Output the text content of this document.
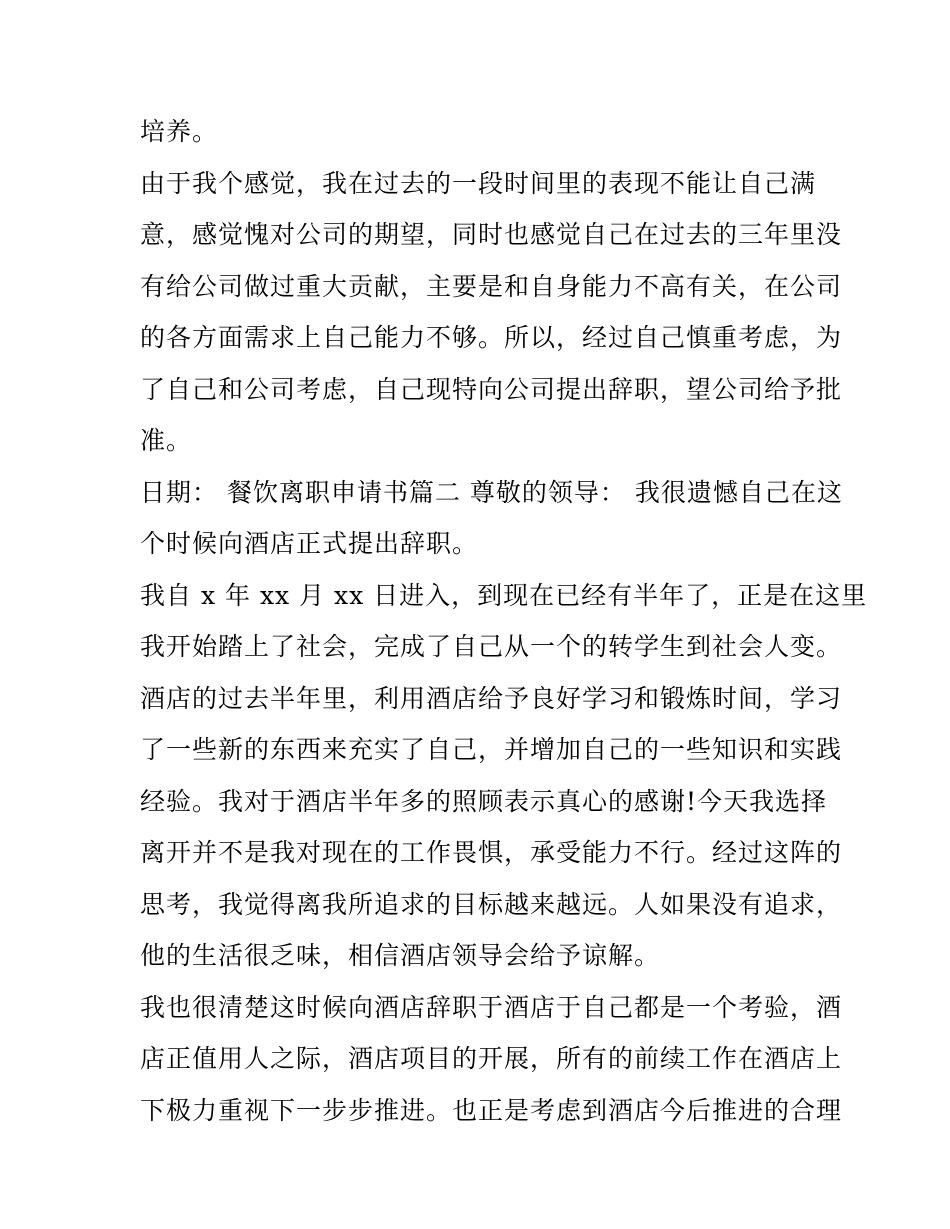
培养。
由于我个感觉，我在过去的一段时间里的表现不能让自己满
意，感觉愧对公司的期望，同时也感觉自己在过去的三年里没
有给公司做过重大贡献，主要是和自身能力不高有关，在公司
的各方面需求上自己能力不够。所以，经过自己慎重考虑，为
了自己和公司考虑，自己现特向公司提出辞职，望公司给予批
准。
日期： 餐饮离职申请书篇二 尊敬的领导： 我很遗憾自己在这
个时候向酒店正式提出辞职。
我自 x 年 xx 月 xx 日进入，到现在已经有半年了，正是在这里
我开始踏上了社会，完成了自己从一个的转学生到社会人变。
酒店的过去半年里，利用酒店给予良好学习和锻炼时间，学习
了一些新的东西来充实了自己，并增加自己的一些知识和实践
经验。我对于酒店半年多的照顾表示真心的感谢!今天我选择
离开并不是我对现在的工作畏惧，承受能力不行。经过这阵的
思考，我觉得离我所追求的目标越来越远。人如果没有追求，
他的生活很乏味，相信酒店领导会给予谅解。
我也很清楚这时候向酒店辞职于酒店于自己都是一个考验，酒
店正值用人之际，酒店项目的开展，所有的前续工作在酒店上
下极力重视下一步步推进。也正是考虑到酒店今后推进的合理
